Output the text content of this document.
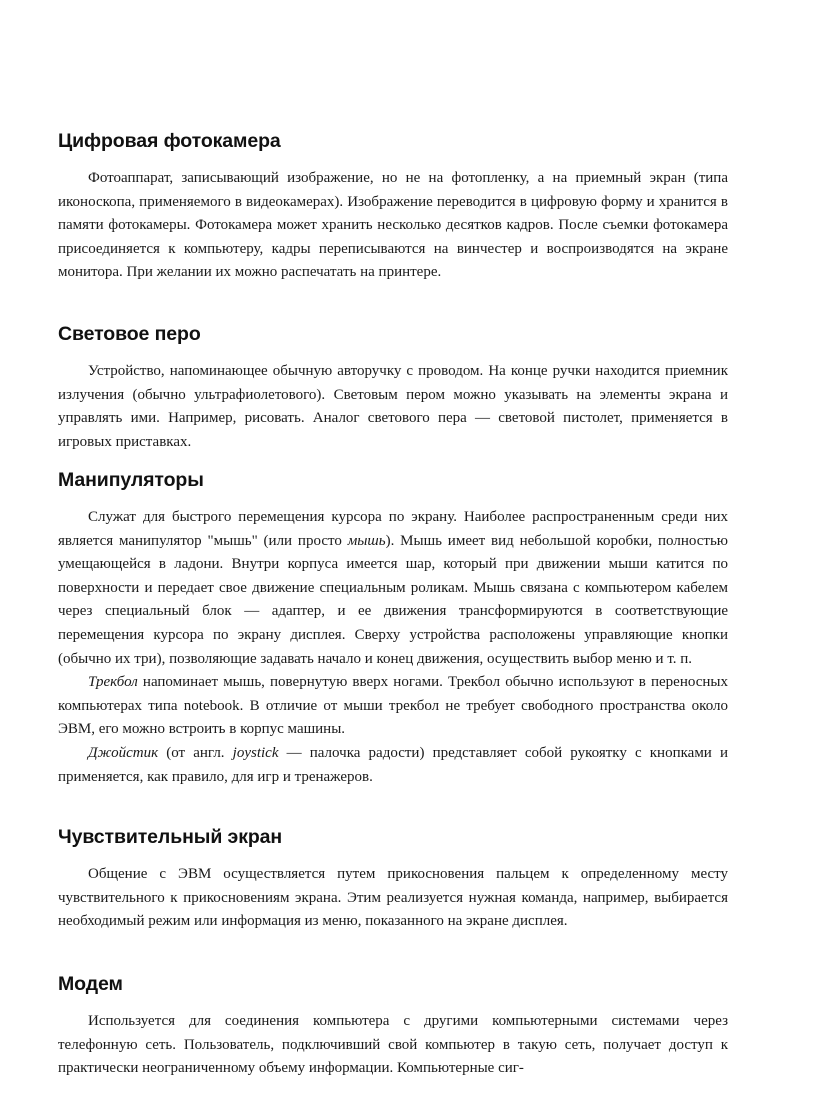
Цифровая фотокамера

Фотоаппарат, записывающий изображение, но не на фотопленку, а на приемный экран (типа иконоскопа, применяемого в видеокамерах). Изображение переводится в цифровую форму и хранится в памяти фотокамеры. Фотокамера может хранить несколько десятков кадров. После съемки фотокамера присоединяется к компьютеру, кадры переписываются на винчестер и воспроизводятся на экране монитора. При желании их можно распечатать на принтере.

Световое перо

Устройство, напоминающее обычную авторучку с проводом. На конце ручки находится приемник излучения (обычно ультрафиолетового). Световым пером можно указывать на элементы экрана и управлять ими. Например, рисовать. Аналог светового пера — световой пистолет, применяется в игровых приставках.

Манипуляторы

Служат для быстрого перемещения курсора по экрану. Наиболее распространенным среди них является манипулятор "мышь" (или просто мышь). Мышь имеет вид небольшой коробки, полностью умещающейся в ладони. Внутри корпуса имеется шар, который при движении мыши катится по поверхности и передает свое движение специальным роликам. Мышь связана с компьютером кабелем через специальный блок — адаптер, и ее движения трансформируются в соответствующие перемещения курсора по экрану дисплея. Сверху устройства расположены управляющие кнопки (обычно их три), позволяющие задавать начало и конец движения, осуществить выбор меню и т. п.

Трекбол напоминает мышь, повернутую вверх ногами. Трекбол обычно используют в переносных компьютерах типа notebook. В отличие от мыши трекбол не требует свободного пространства около ЭВМ, его можно встроить в корпус машины.

Джойстик (от англ. joystick — палочка радости) представляет собой рукоятку с кнопками и применяется, как правило, для игр и тренажеров.

Чувствительный экран

Общение с ЭВМ осуществляется путем прикосновения пальцем к определенному месту чувствительного к прикосновениям экрана. Этим реализуется нужная команда, например, выбирается необходимый режим или информация из меню, показанного на экране дисплея.

Модем

Используется для соединения компьютера с другими компьютерными системами через телефонную сеть. Пользователь, подключивший свой компьютер в такую сеть, получает доступ к практически неограниченному объему информации. Компьютерные сиг-
